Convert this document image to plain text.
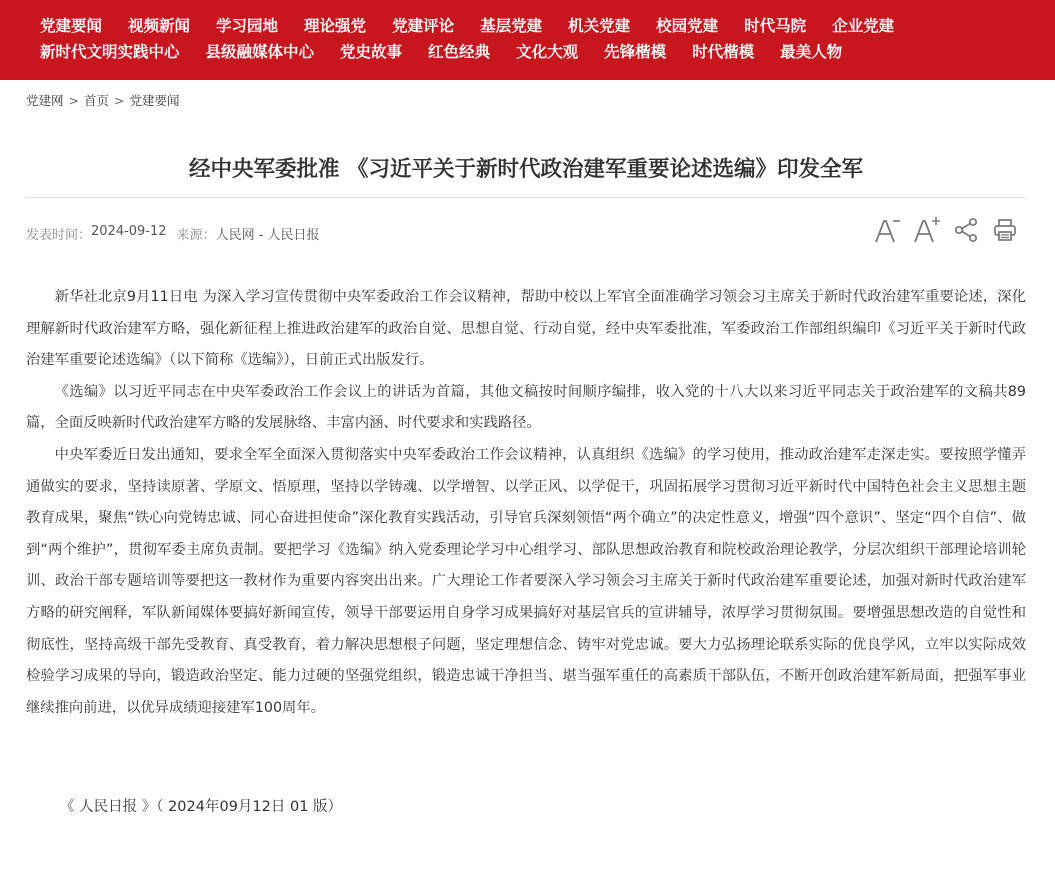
党建要闻 视频新闻 学习园地 理论强党 党建评论 基层党建 机关党建 校园党建 时代马院 企业党建
新时代文明实践中心 县级融媒体中心 党史故事 红色经典 文化大观 先锋楷模 时代楷模 最美人物
党建网 > 首页 > 党建要闻
经中央军委批准 《习近平关于新时代政治建军重要论述选编》印发全军
发表时间： 2024-09-12 来源： 人民网 - 人民日报

新华社北京9月11日电 为深入学习宣传贯彻中央军委政治工作会议精神，帮助中校以上军官全面准确学习领会习主席关于新时代政治建军重要论述，深化理解新时代政治建军方略，强化新征程上推进政治建军的政治自觉、思想自觉、行动自觉，经中央军委批准，军委政治工作部组织编印《习近平关于新时代政治建军重要论述选编》（以下简称《选编》），日前正式出版发行。

《选编》以习近平同志在中央军委政治工作会议上的讲话为首篇，其他文稿按时间顺序编排，收入党的十八大以来习近平同志关于政治建军的文稿共89篇，全面反映新时代政治建军方略的发展脉络、丰富内涵、时代要求和实践路径。

中央军委近日发出通知，要求全军全面深入贯彻落实中央军委政治工作会议精神，认真组织《选编》的学习使用，推动政治建军走深走实。要按照学懂弄通做实的要求，坚持读原著、学原文、悟原理，坚持以学铸魂、以学增智、以学正风、以学促干，巩固拓展学习贯彻习近平新时代中国特色社会主义思想主题教育成果，聚焦“铁心向党铸忠诚、同心奋进担使命”深化教育实践活动，引导官兵深刻领悟“两个确立”的决定性意义，增强“四个意识”、坚定“四个自信”、做到“两个维护”，贯彻军委主席负责制。要把学习《选编》纳入党委理论学习中心组学习、部队思想政治教育和院校政治理论教学，分层次组织干部理论培训轮训、政治干部专题培训等要把这一教材作为重要内容突出出来。广大理论工作者要深入学习领会习主席关于新时代政治建军重要论述，加强对新时代政治建军方略的研究阐释，军队新闻媒体要搞好新闻宣传，领导干部要运用自身学习成果搞好对基层官兵的宣讲辅导，浓厚学习贯彻氛围。要增强思想改造的自觉性和彻底性，坚持高级干部先受教育、真受教育，着力解决思想根子问题，坚定理想信念、铸牢对党忠诚。要大力弘扬理论联系实际的优良学风，立牢以实际成效检验学习成果的导向，锻造政治坚定、能力过硬的坚强党组织，锻造忠诚干净担当、堪当强军重任的高素质干部队伍，不断开创政治建军新局面，把强军事业继续推向前进，以优异成绩迎接建军100周年。

《 人民日报 》（ 2024年09月12日 01 版）
